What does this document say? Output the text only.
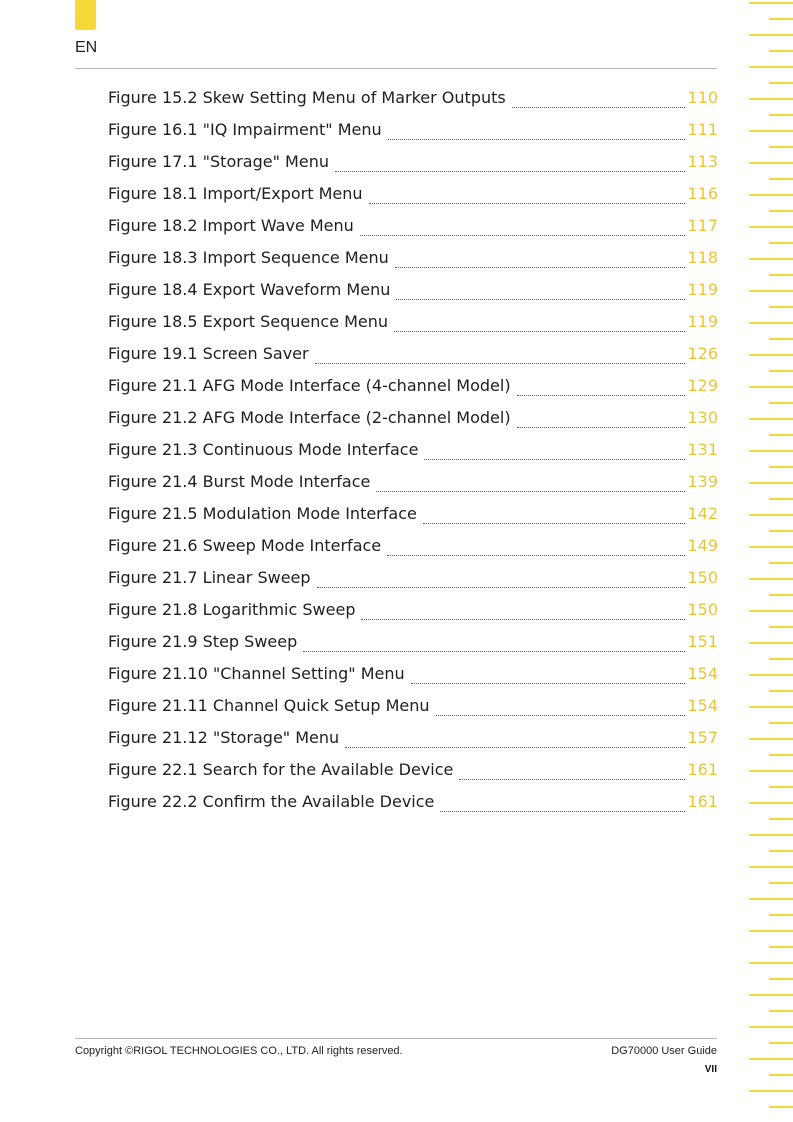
EN
Figure 15.2 Skew Setting Menu of Marker Outputs	110
Figure 16.1 "IQ Impairment" Menu	111
Figure 17.1 "Storage" Menu	113
Figure 18.1 Import/Export Menu	116
Figure 18.2 Import Wave Menu	117
Figure 18.3 Import Sequence Menu	118
Figure 18.4 Export Waveform Menu	119
Figure 18.5 Export Sequence Menu	119
Figure 19.1 Screen Saver	126
Figure 21.1 AFG Mode Interface (4-channel Model)	129
Figure 21.2 AFG Mode Interface (2-channel Model)	130
Figure 21.3 Continuous Mode Interface	131
Figure 21.4 Burst Mode Interface	139
Figure 21.5 Modulation Mode Interface	142
Figure 21.6 Sweep Mode Interface	149
Figure 21.7 Linear Sweep	150
Figure 21.8 Logarithmic Sweep	150
Figure 21.9 Step Sweep	151
Figure 21.10 "Channel Setting" Menu	154
Figure 21.11 Channel Quick Setup Menu	154
Figure 21.12 "Storage" Menu	157
Figure 22.1 Search for the Available Device	161
Figure 22.2 Confirm the Available Device	161
Copyright ©RIGOL TECHNOLOGIES CO., LTD. All rights reserved.	DG70000 User Guide
VII
